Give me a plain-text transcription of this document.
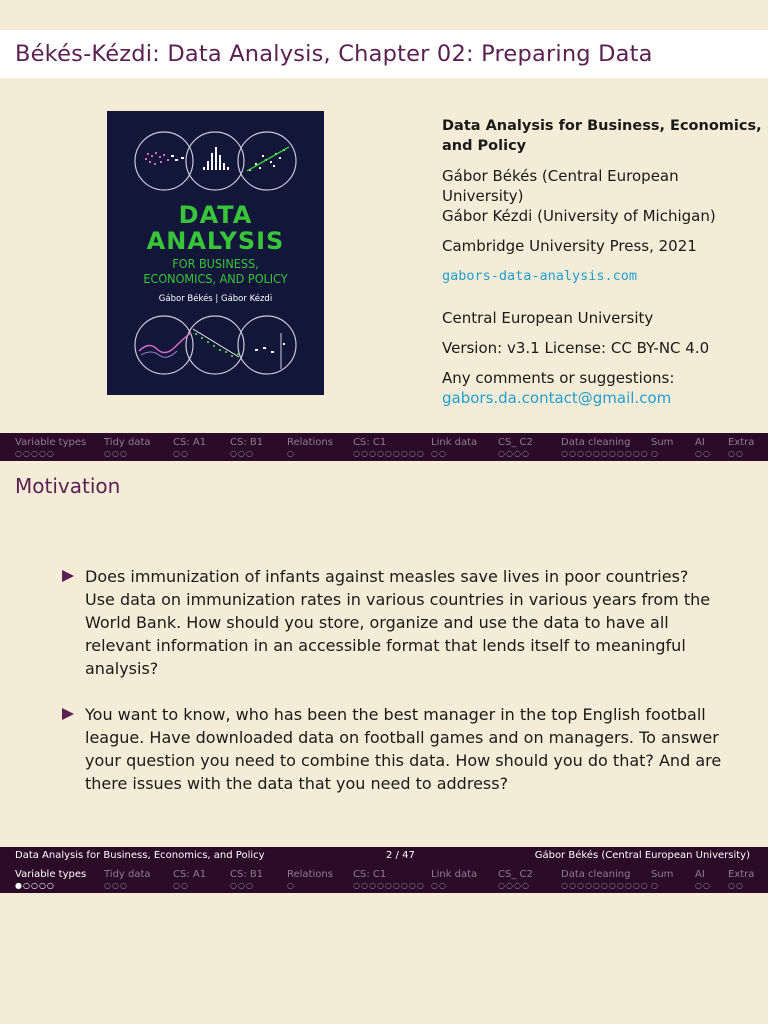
Békés-Kézdi: Data Analysis, Chapter 02: Preparing Data
DATA
ANALYSIS
FOR BUSINESS,
ECONOMICS, AND POLICY
Gábor Békés | Gábor Kézdi

Data Analysis for Business, Economics,

and Policy

Gábor Békés (Central European University)

Gábor Kézdi (University of Michigan)

Cambridge University Press, 2021

gabors-data-analysis.com

Central European University

Version: v3.1 License: CC BY-NC 4.0

Any comments or suggestions:

gabors.da.contact@gmail.com

Variable types
○○○○○
Tidy data
○○○
CS: A1
○○
CS: B1
○○○
Relations
○
CS: C1
○○○○○○○○○
Link data
○○
CS_ C2
○○○○
Data cleaning
○○○○○○○○○○○
Sum
○
AI
○○
Extra
○○
Motivation
Does immunization of infants against measles save lives in poor countries? Use data on immunization rates in various countries in various years from the World Bank. How should you store, organize and use the data to have all relevant information in an accessible format that lends itself to meaningful analysis?
You want to know, who has been the best manager in the top English football league. Have downloaded data on football games and on managers. To answer your question you need to combine this data. How should you do that? And are there issues with the data that you need to address?
Data Analysis for Business, Economics, and Policy	2 / 47	Gábor Békés (Central European University)
Variable types
●○○○○
Tidy data
○○○
CS: A1
○○
CS: B1
○○○
Relations
○
CS: C1
○○○○○○○○○
Link data
○○
CS_ C2
○○○○
Data cleaning
○○○○○○○○○○○
Sum
○
AI
○○
Extra
○○
